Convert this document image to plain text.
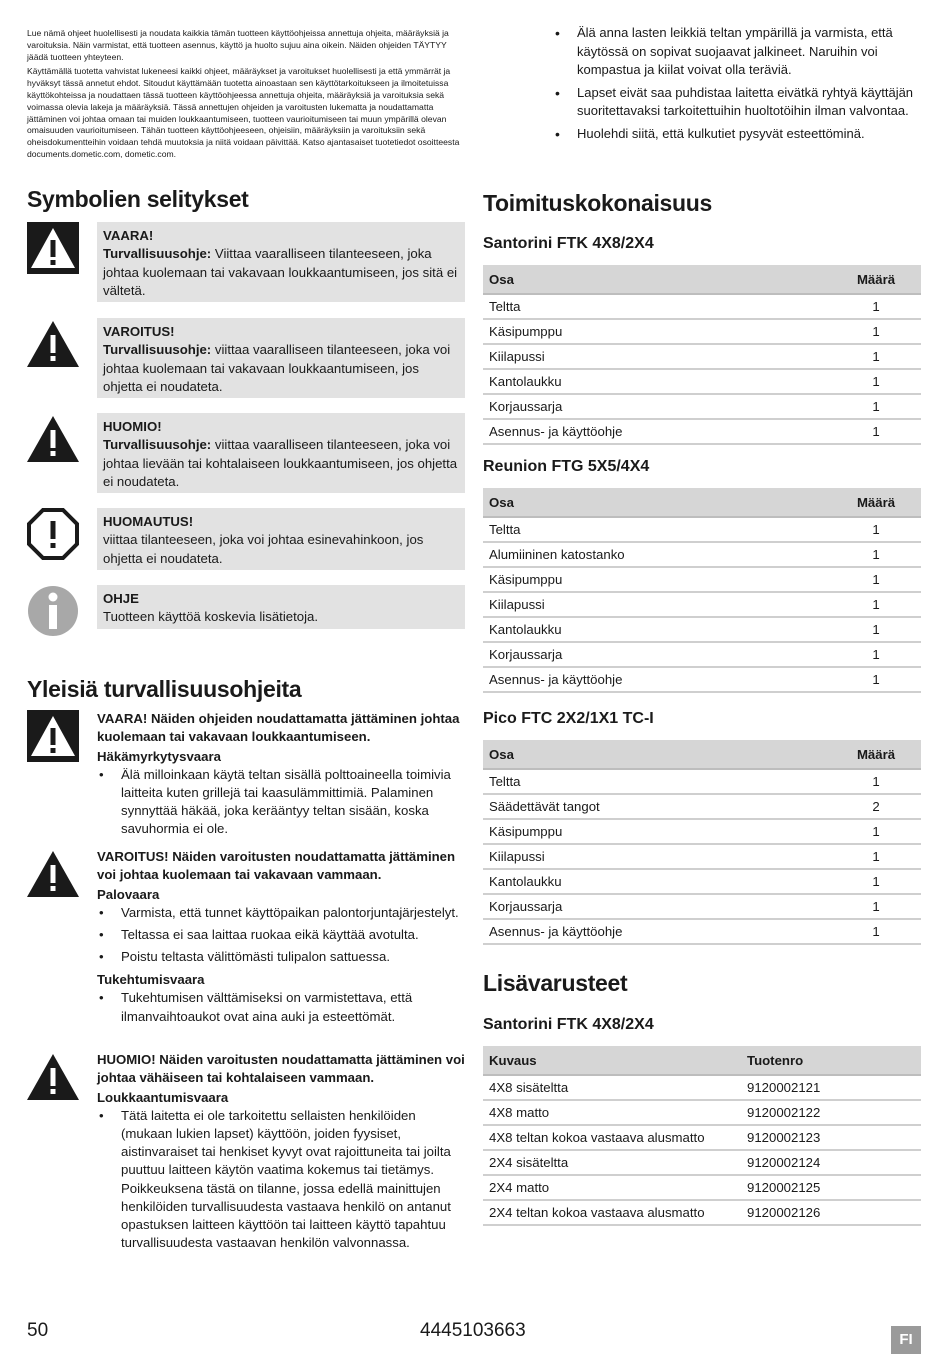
Lue nämä ohjeet huolellisesti ja noudata kaikkia tämän tuotteen käyttöohjeissa annettuja ohjeita, määräyksiä ja varoituksia. Näin varmistat, että tuotteen asennus, käyttö ja huolto sujuu aina oikein. Näiden ohjeiden TÄYTYY jäädä tuotteen yhteyteen.

Käyttämällä tuotetta vahvistat lukeneesi kaikki ohjeet, määräykset ja varoitukset huolellisesti ja että ymmärrät ja hyväksyt tässä annetut ehdot. Sitoudut käyttämään tuotetta ainoastaan sen käyttötarkoitukseen ja ilmoitetuissa käyttökohteissa ja noudattaen tässä tuotteen käyttöohjeessa annettuja ohjeita, määräyksiä ja varoituksia sekä voimassa olevia lakeja ja määräyksiä. Tässä annettujen ohjeiden ja varoitusten lukematta ja noudattamatta jättäminen voi johtaa omaan tai muiden loukkaantumiseen, tuotteen vaurioitumiseen tai muun ympärillä olevan omaisuuden vaurioitumiseen. Tähän tuotteen käyttöohjeeseen, ohjeisiin, määräyksiin ja varoituksiin sekä oheisdokumentteihin voidaan tehdä muutoksia ja niitä voidaan päivittää. Katso ajantasaiset tuotetiedot osoitteesta documents.dometic.com, dometic.com.

• Älä anna lasten leikkiä teltan ympärillä ja varmista, että käytössä on sopivat suojaavat jalkineet. Naruihin voi kompastua ja kiilat voivat olla teräviä.
• Lapset eivät saa puhdistaa laitetta eivätkä ryhtyä käyttäjän suoritettavaksi tarkoitettuihin huoltotöihin ilman valvontaa.
• Huolehdi siitä, että kulkutiet pysyvät esteettöminä.
Symbolien selitykset
VAARA!
Turvallisuusohje: Viittaa vaaralliseen tilanteeseen, joka johtaa kuolemaan tai vakavaan loukkaantumiseen, jos sitä ei vältetä.
VAROITUS!
Turvallisuusohje: viittaa vaaralliseen tilanteeseen, joka voi johtaa kuolemaan tai vakavaan loukkaantumiseen, jos ohjetta ei noudateta.
HUOMIO!
Turvallisuusohje: viittaa vaaralliseen tilanteeseen, joka voi johtaa lievään tai kohtalaiseen loukkaantumiseen, jos ohjetta ei noudateta.
HUOMAUTUS!
viittaa tilanteeseen, joka voi johtaa esinevahinkoon, jos ohjetta ei noudateta.
OHJE
Tuotteen käyttöä koskevia lisätietoja.
Yleisiä turvallisuusohjeita
VAARA! Näiden ohjeiden noudattamatta jättäminen johtaa kuolemaan tai vakavaan loukkaantumiseen.
Häkämyrkytysvaara
• Älä milloinkaan käytä teltan sisällä polttoaineella toimivia laitteita kuten grillejä tai kaasulämmittimiä. Palaminen synnyttää häkää, joka kerääntyy teltan sisään, koska savuhormia ei ole.
VAROITUS! Näiden varoitusten noudattamatta jättäminen voi johtaa kuolemaan tai vakavaan vammaan.
Palovaara
• Varmista, että tunnet käyttöpaikan palontorjuntajärjestelyt.
• Teltassa ei saa laittaa ruokaa eikä käyttää avotulta.
• Poistu teltasta välittömästi tulipalon sattuessa.
Tukehtumisvaara
• Tukehtumisen välttämiseksi on varmistettava, että ilmanvaihtoaukot ovat aina auki ja esteettömät.
HUOMIO! Näiden varoitusten noudattamatta jättäminen voi johtaa vähäiseen tai kohtalaiseen vammaan.
Loukkaantumisvaara
• Tätä laitetta ei ole tarkoitettu sellaisten henkilöiden (mukaan lukien lapset) käyttöön, joiden fyysiset, aistinvaraiset tai henkiset kyvyt ovat rajoittuneita tai joilta puuttuu laitteen käytön vaatima kokemus tai tietämys. Poikkeuksena tästä on tilanne, jossa edellä mainittujen henkilöiden turvallisuudesta vastaava henkilö on antanut opastuksen laitteen käyttöön tai laitteen käyttö tapahtuu turvallisuudesta vastaavan henkilön valvonnassa.
Toimituskokonaisuus
Santorini FTK 4X8/2X4
Osa	Määrä
Teltta	1
Käsipumppu	1
Kiilapussi	1
Kantolaukku	1
Korjaussarja	1
Asennus- ja käyttöohje	1
Reunion FTG 5X5/4X4
Osa	Määrä
Teltta	1
Alumiininen katostanko	1
Käsipumppu	1
Kiilapussi	1
Kantolaukku	1
Korjaussarja	1
Asennus- ja käyttöohje	1
Pico FTC 2X2/1X1 TC-I
Osa	Määrä
Teltta	1
Säädettävät tangot	2
Käsipumppu	1
Kiilapussi	1
Kantolaukku	1
Korjaussarja	1
Asennus- ja käyttöohje	1
Lisävarusteet
Santorini FTK 4X8/2X4
Kuvaus	Tuotenro
4X8 sisäteltta	9120002121
4X8 matto	9120002122
4X8 teltan kokoa vastaava alusmatto	9120002123
2X4 sisäteltta	9120002124
2X4 matto	9120002125
2X4 teltan kokoa vastaava alusmatto	9120002126
50	4445103663	FI
